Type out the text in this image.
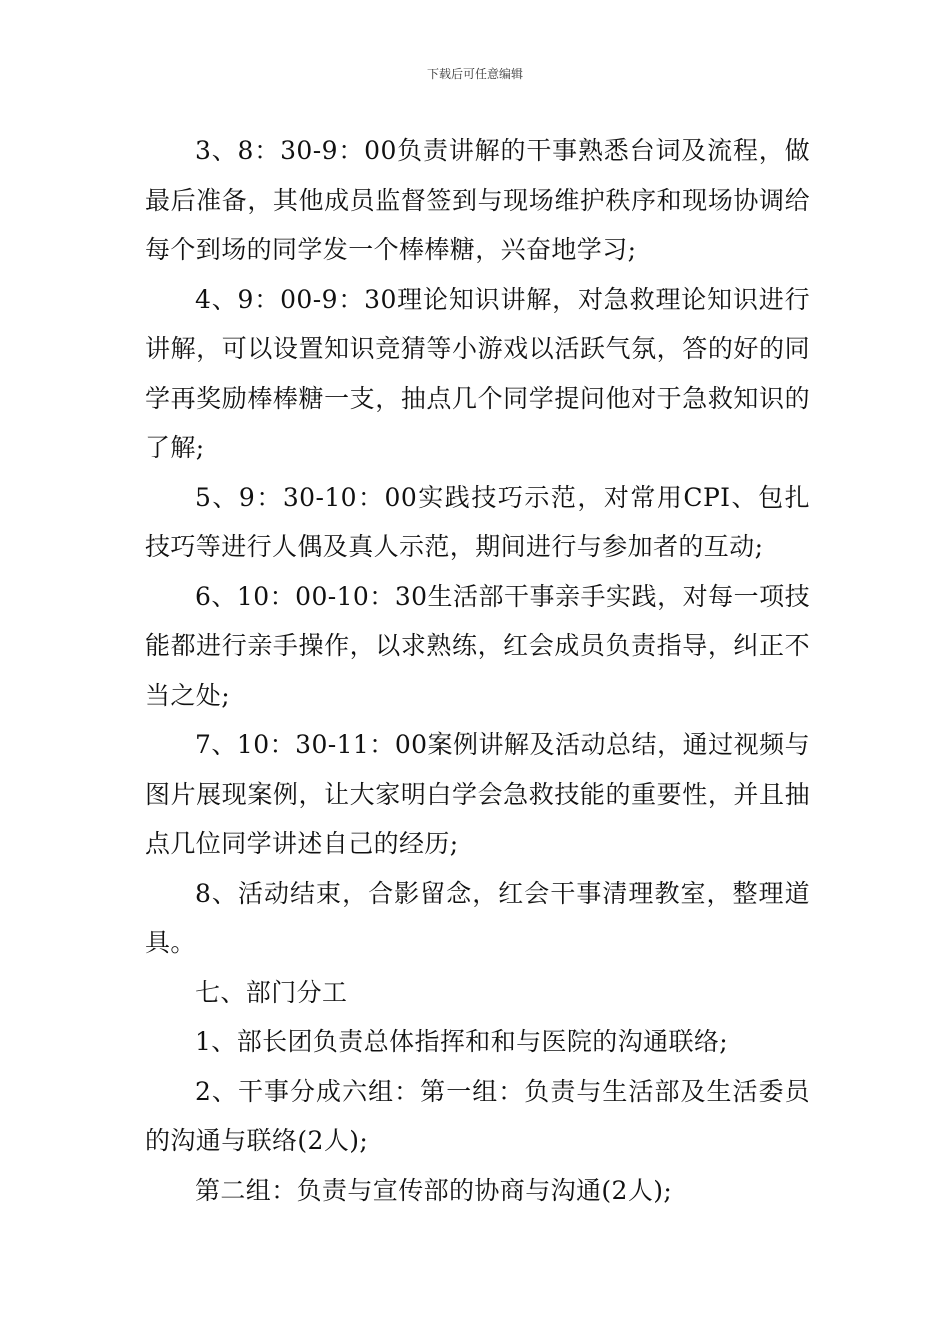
下载后可任意编辑

3、8：30-9：00负责讲解的干事熟悉台词及流程，做最后准备，其他成员监督签到与现场维护秩序和现场协调给每个到场的同学发一个棒棒糖，兴奋地学习;

4、9：00-9：30理论知识讲解，对急救理论知识进行讲解，可以设置知识竞猜等小游戏以活跃气氛，答的好的同学再奖励棒棒糖一支，抽点几个同学提问他对于急救知识的了解;

5、9：30-10：00实践技巧示范，对常用CPI、包扎技巧等进行人偶及真人示范，期间进行与参加者的互动;

6、10：00-10：30生活部干事亲手实践，对每一项技能都进行亲手操作，以求熟练，红会成员负责指导，纠正不当之处;

7、10：30-11：00案例讲解及活动总结，通过视频与图片展现案例，让大家明白学会急救技能的重要性，并且抽点几位同学讲述自己的经历;

8、活动结束，合影留念，红会干事清理教室，整理道具。

七、部门分工

1、部长团负责总体指挥和和与医院的沟通联络;

2、干事分成六组：第一组：负责与生活部及生活委员的沟通与联络(2人);

第二组：负责与宣传部的协商与沟通(2人);
